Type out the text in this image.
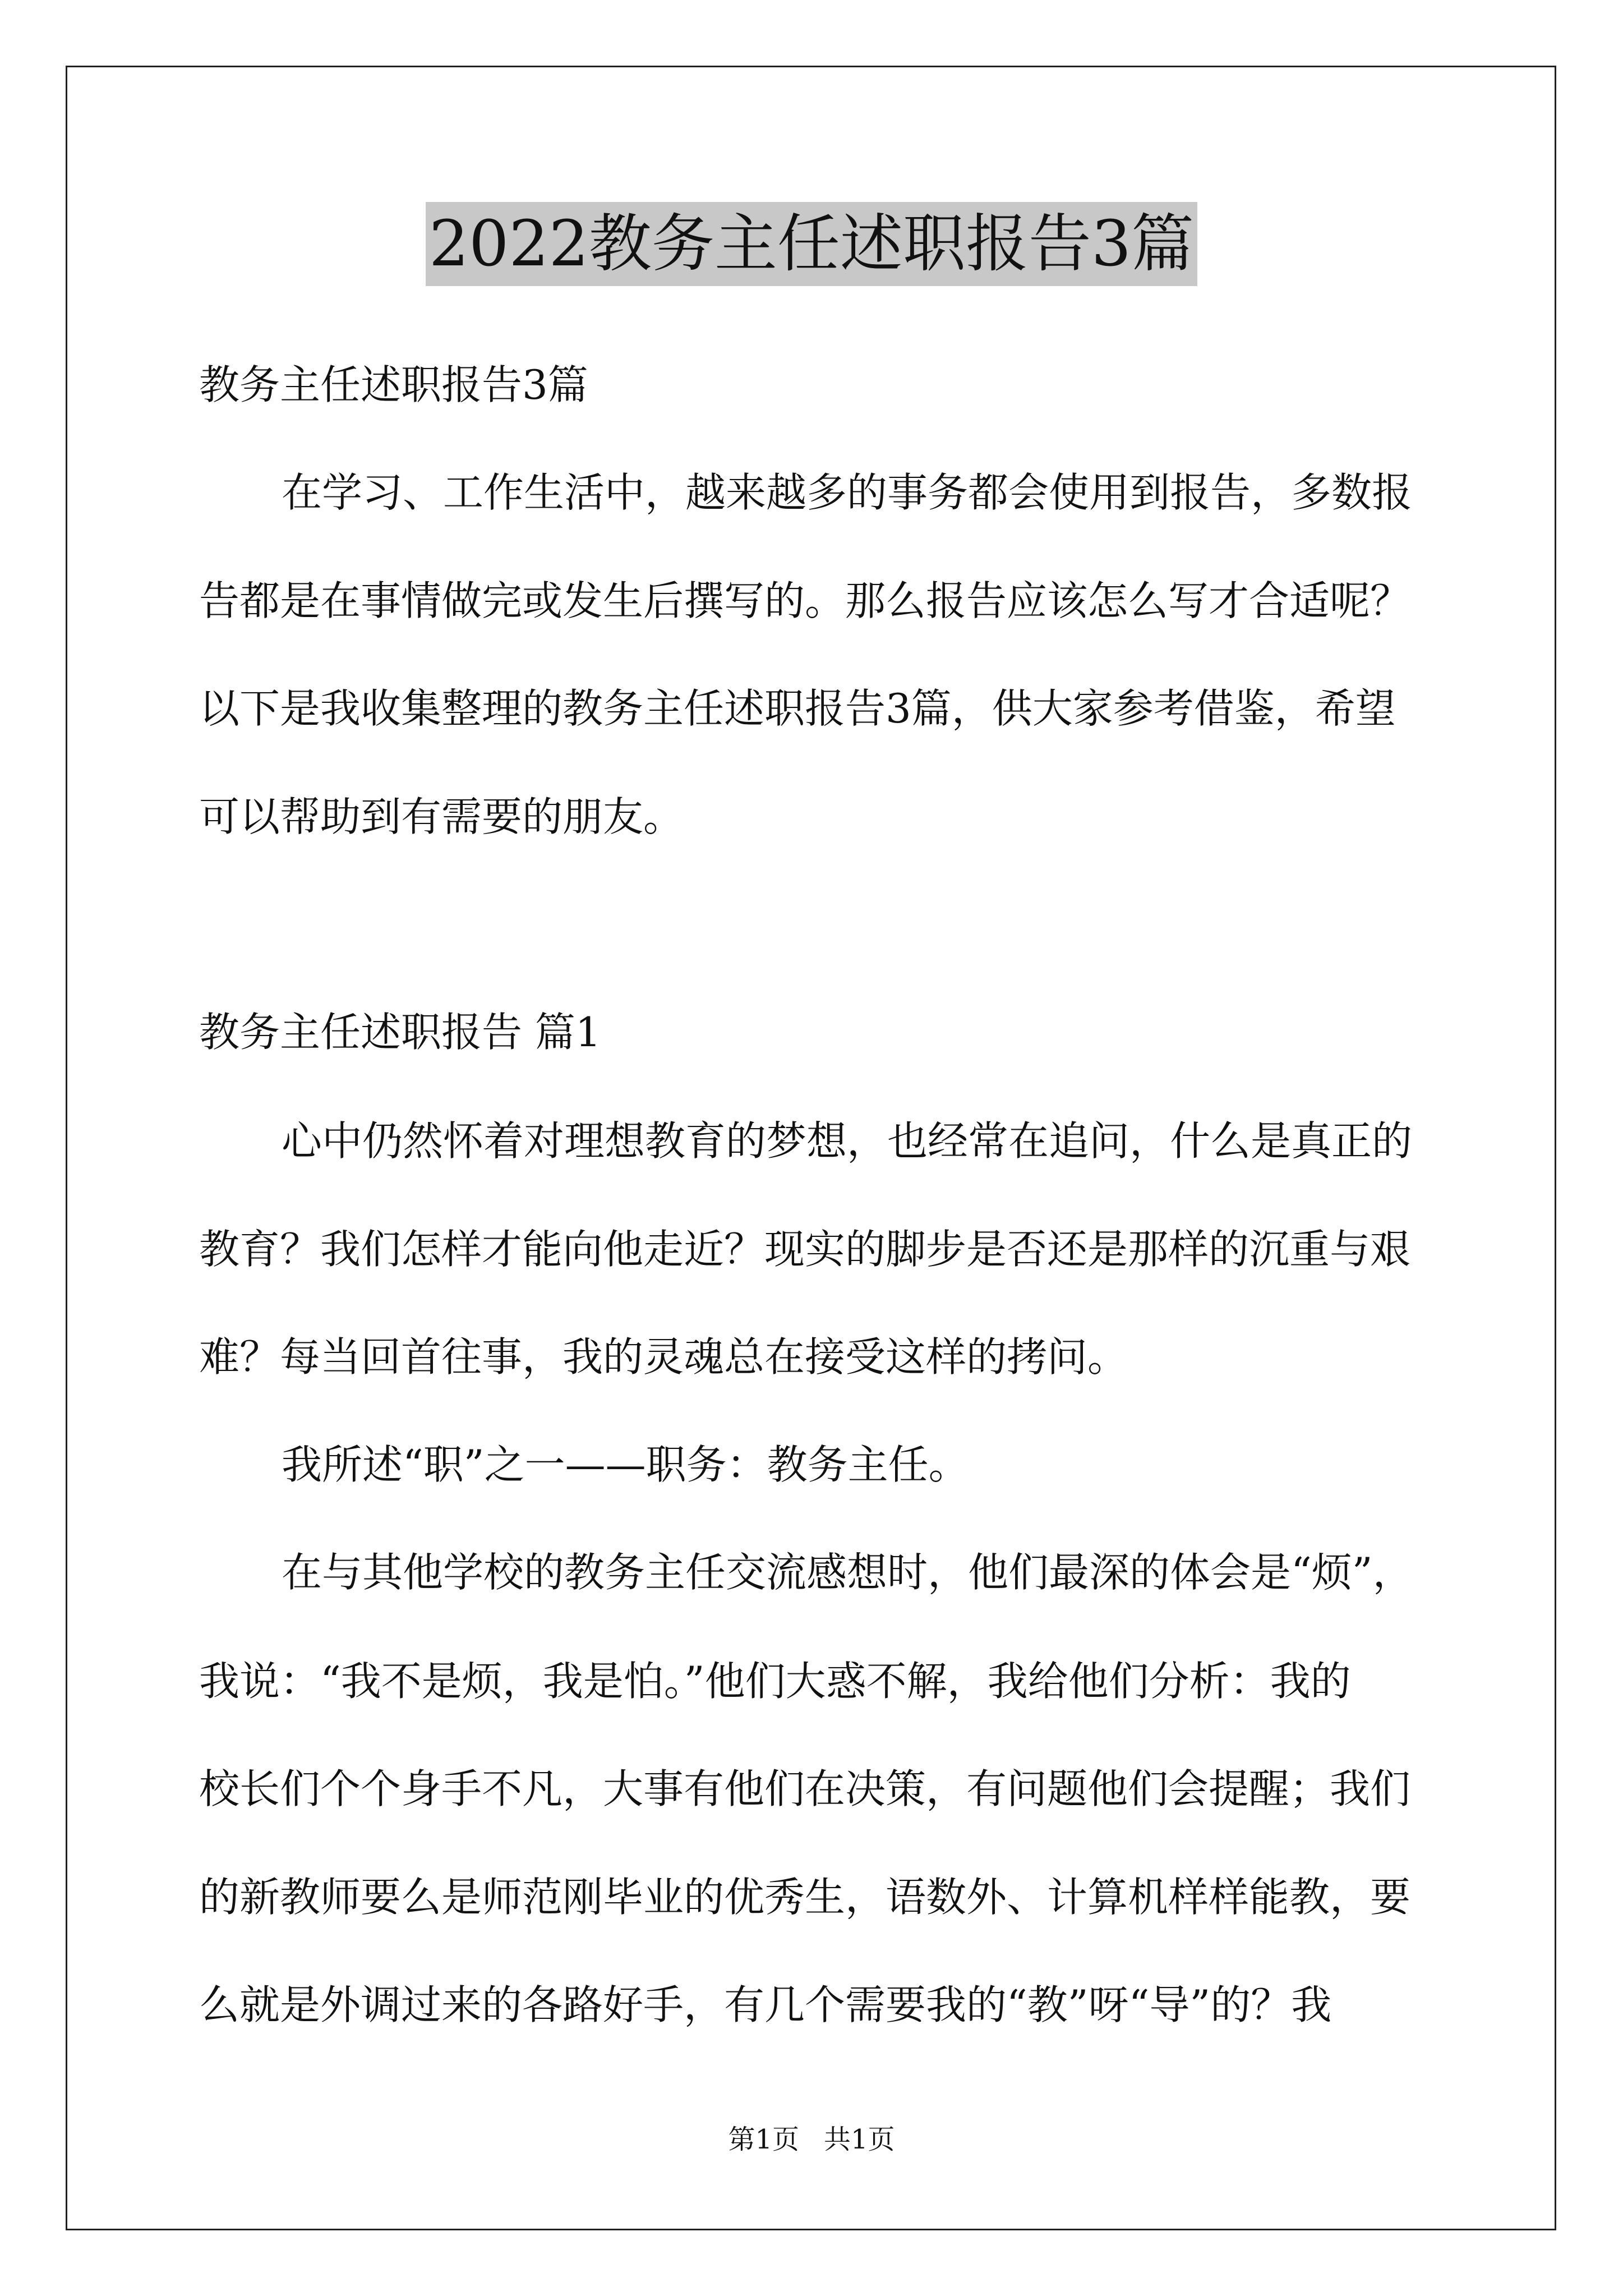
2022教务主任述职报告3篇
教务主任述职报告3篇
在学习、工作生活中，越来越多的事务都会使用到报告，多数报
告都是在事情做完或发生后撰写的。那么报告应该怎么写才合适呢？
以下是我收集整理的教务主任述职报告3篇，供大家参考借鉴，希望
可以帮助到有需要的朋友。
教务主任述职报告 篇1
心中仍然怀着对理想教育的梦想，也经常在追问，什么是真正的
教育？我们怎样才能向他走近？现实的脚步是否还是那样的沉重与艰
难？每当回首往事，我的灵魂总在接受这样的拷问。
我所述“职”之一——职务：教务主任。
在与其他学校的教务主任交流感想时，他们最深的体会是“烦”，
我说：“我不是烦，我是怕。”他们大惑不解，我给他们分析：我的
校长们个个身手不凡，大事有他们在决策，有问题他们会提醒；我们
的新教师要么是师范刚毕业的优秀生，语数外、计算机样样能教，要
么就是外调过来的各路好手，有几个需要我的“教”呀“导”的？我
第1页 共1页
